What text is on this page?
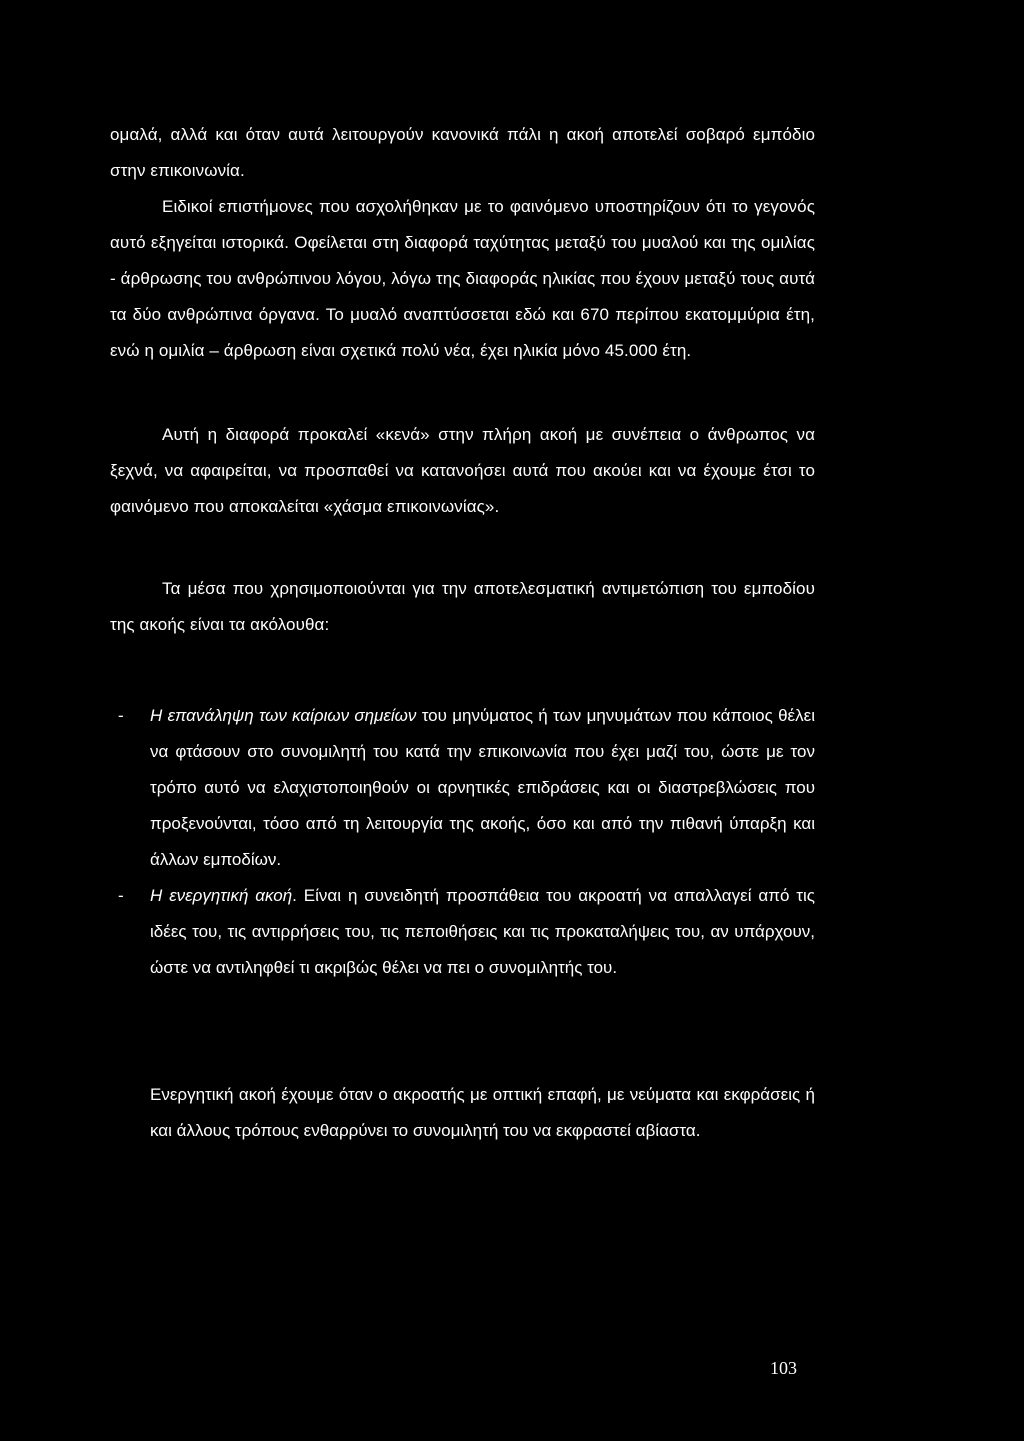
ομαλά, αλλά και όταν αυτά λειτουργούν κανονικά πάλι η ακοή αποτελεί σοβαρό εμπόδιο στην επικοινωνία.

Ειδικοί επιστήμονες που ασχολήθηκαν με το φαινόμενο υποστηρίζουν ότι το γεγονός αυτό εξηγείται ιστορικά. Οφείλεται στη διαφορά ταχύτητας μεταξύ του μυαλού και της ομιλίας - άρθρωσης του ανθρώπινου λόγου, λόγω της διαφοράς ηλικίας που έχουν μεταξύ τους αυτά τα δύο ανθρώπινα όργανα. Το μυαλό αναπτύσσεται εδώ και 670 περίπου εκατομμύρια έτη, ενώ η ομιλία – άρθρωση είναι σχετικά πολύ νέα, έχει ηλικία μόνο 45.000 έτη.

Αυτή η διαφορά προκαλεί «κενά» στην πλήρη ακοή με συνέπεια ο άνθρωπος να ξεχνά, να αφαιρείται, να προσπαθεί να κατανοήσει αυτά που ακούει και να έχουμε έτσι το φαινόμενο που αποκαλείται «χάσμα επικοινωνίας».

Τα μέσα που χρησιμοποιούνται για την αποτελεσματική αντιμετώπιση του εμποδίου της ακοής είναι τα ακόλουθα:

- Η επανάληψη των καίριων σημείων του μηνύματος ή των μηνυμάτων που κάποιος θέλει να φτάσουν στο συνομιλητή του κατά την επικοινωνία που έχει μαζί του, ώστε με τον τρόπο αυτό να ελαχιστοποιηθούν οι αρνητικές επιδράσεις και οι διαστρεβλώσεις που προξενούνται, τόσο από τη λειτουργία της ακοής, όσο και από την πιθανή ύπαρξη και άλλων εμποδίων.
- Η ενεργητική ακοή. Είναι η συνειδητή προσπάθεια του ακροατή να απαλλαγεί από τις ιδέες του, τις αντιρρήσεις του, τις πεποιθήσεις και τις προκαταλήψεις του, αν υπάρχουν, ώστε να αντιληφθεί τι ακριβώς θέλει να πει ο συνομιλητής του.

Ενεργητική ακοή έχουμε όταν ο ακροατής με οπτική επαφή, με νεύματα και εκφράσεις ή και άλλους τρόπους ενθαρρύνει το συνομιλητή του να εκφραστεί αβίαστα.

103
